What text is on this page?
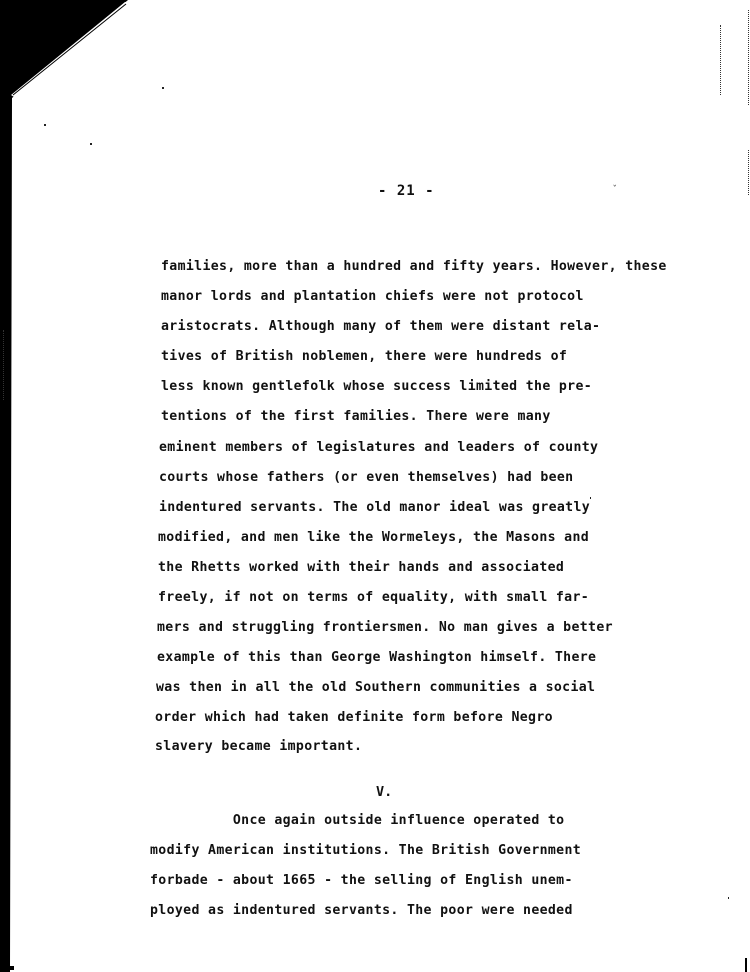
- 21 -	ˇ
families, more than a hundred and fifty years. However, these
manor lords and plantation chiefs were not protocol
aristocrats. Although many of them were distant rela-
tives of British noblemen, there were hundreds of
less known gentlefolk whose success limited the pre-
tentions of the first families. There were many
eminent members of legislatures and leaders of county
courts whose fathers (or even themselves) had been
indentured servants. The old manor ideal was greatly
modified, and men like the Wormeleys, the Masons and
the Rhetts worked with their hands and associated
freely, if not on terms of equality, with small far-
mers and struggling frontiersmen. No man gives a better
example of this than George Washington himself. There
was then in all the old Southern communities a social
order which had taken definite form before Negro
slavery became important.
V.
Once again outside influence operated to
modify American institutions. The British Government
forbade - about 1665 - the selling of English unem-
ployed as indentured servants. The poor were needed
